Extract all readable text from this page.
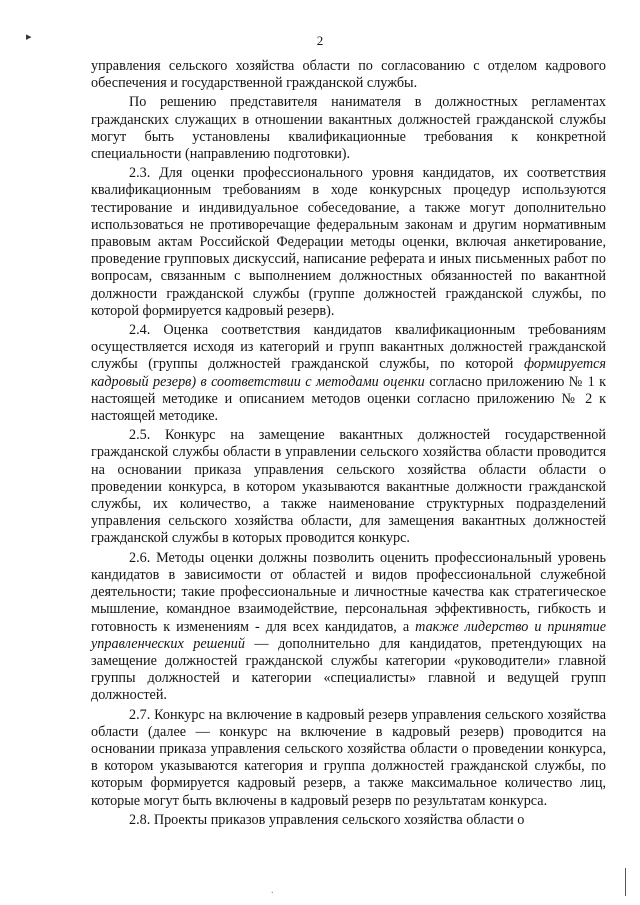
▸	2

управления сельского хозяйства области по согласованию с отделом кадрового обеспечения и государственной гражданской службы.

По решению представителя нанимателя в должностных регламентах гражданских служащих в отношении вакантных должностей гражданской службы могут быть установлены квалификационные требования к конкретной специальности (направлению подготовки).

2.3. Для оценки профессионального уровня кандидатов, их соответствия квалификационным требованиям в ходе конкурсных процедур используются тестирование и индивидуальное собеседование, а также могут дополнительно использоваться не противоречащие федеральным законам и другим нормативным правовым актам Российской Федерации методы оценки, включая анкетирование, проведение групповых дискуссий, написание реферата и иных письменных работ по вопросам, связанным с выполнением должностных обязанностей по вакантной должности гражданской службы (группе должностей гражданской службы, по которой формируется кадровый резерв).

2.4. Оценка соответствия кандидатов квалификационным требованиям осуществляется исходя из категорий и групп вакантных должностей гражданской службы (группы должностей гражданской службы, по которой формируется кадровый резерв) в соответствии с методами оценки согласно приложению № 1 к настоящей методике и описанием методов оценки согласно приложению № 2 к настоящей методике.

2.5. Конкурс на замещение вакантных должностей государственной гражданской службы области в управлении сельского хозяйства области проводится на основании приказа управления сельского хозяйства области области о проведении конкурса, в котором указываются вакантные должности гражданской службы, их количество, а также наименование структурных подразделений управления сельского хозяйства области, для замещения вакантных должностей гражданской службы в которых проводится конкурс.

2.6. Методы оценки должны позволить оценить профессиональный уровень кандидатов в зависимости от областей и видов профессиональной служебной деятельности; такие профессиональные и личностные качества как стратегическое мышление, командное взаимодействие, персональная эффективность, гибкость и готовность к изменениям - для всех кандидатов, а также лидерство и принятие управленческих решений — дополнительно для кандидатов, претендующих на замещение должностей гражданской службы категории «руководители» главной группы должностей и категории «специалисты» главной и ведущей групп должностей.

2.7. Конкурс на включение в кадровый резерв управления сельского хозяйства области (далее — конкурс на включение в кадровый резерв) проводится на основании приказа управления сельского хозяйства области о проведении конкурса, в котором указываются категория и группа должностей гражданской службы, по которым формируется кадровый резерв, а также максимальное количество лиц, которые могут быть включены в кадровый резерв по результатам конкурса.

2.8. Проекты приказов управления сельского хозяйства области о

.
